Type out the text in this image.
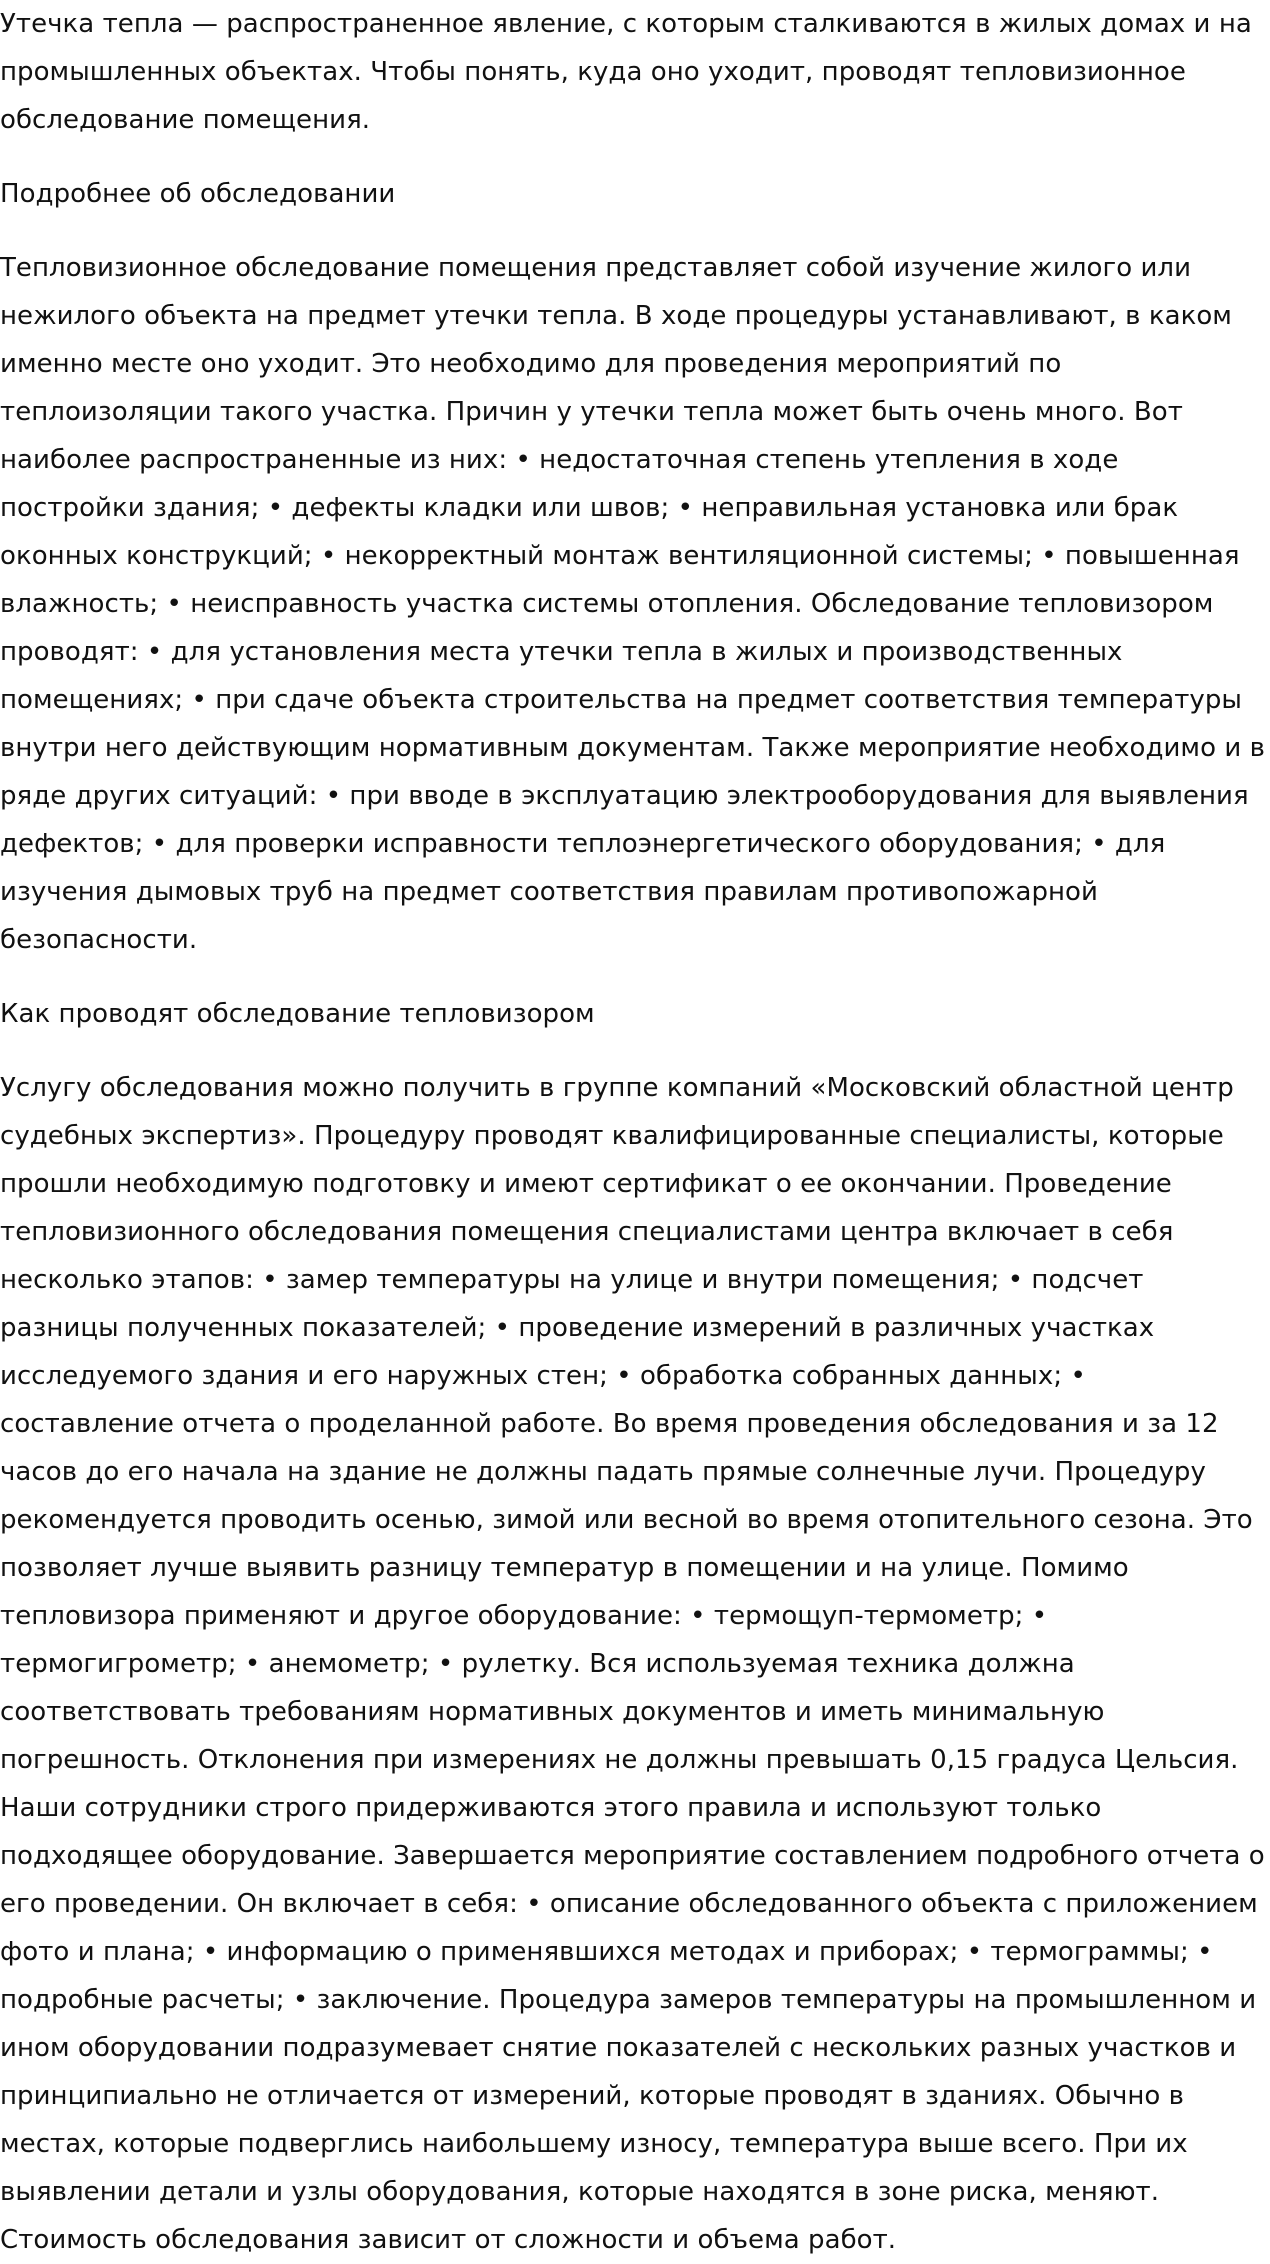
Утечка тепла — распространенное явление, с которым сталкиваются в жилых домах и на промышленных объектах. Чтобы понять, куда оно уходит, проводят тепловизионное обследование помещения.

Подробнее об обследовании

Тепловизионное обследование помещения представляет собой изучение жилого или нежилого объекта на предмет утечки тепла. В ходе процедуры устанавливают, в каком именно месте оно уходит. Это необходимо для проведения мероприятий по теплоизоляции такого участка. Причин у утечки тепла может быть очень много. Вот наиболее распространенные из них: • недостаточная степень утепления в ходе постройки здания; • дефекты кладки или швов; • неправильная установка или брак оконных конструкций; • некорректный монтаж вентиляционной системы; • повышенная влажность; • неисправность участка системы отопления. Обследование тепловизором проводят: • для установления места утечки тепла в жилых и производственных помещениях; • при сдаче объекта строительства на предмет соответствия температуры внутри него действующим нормативным документам. Также мероприятие необходимо и в ряде других ситуаций: • при вводе в эксплуатацию электрооборудования для выявления дефектов; • для проверки исправности теплоэнергетического оборудования; • для изучения дымовых труб на предмет соответствия правилам противопожарной безопасности.

Как проводят обследование тепловизором

Услугу обследования можно получить в группе компаний «Московский областной центр судебных экспертиз». Процедуру проводят квалифицированные специалисты, которые прошли необходимую подготовку и имеют сертификат о ее окончании. Проведение тепловизионного обследования помещения специалистами центра включает в себя несколько этапов: • замер температуры на улице и внутри помещения; • подсчет разницы полученных показателей; • проведение измерений в различных участках исследуемого здания и его наружных стен; • обработка собранных данных; • составление отчета о проделанной работе. Во время проведения обследования и за 12 часов до его начала на здание не должны падать прямые солнечные лучи. Процедуру рекомендуется проводить осенью, зимой или весной во время отопительного сезона. Это позволяет лучше выявить разницу температур в помещении и на улице. Помимо тепловизора применяют и другое оборудование: • термощуп-термометр; • термогигрометр; • анемометр; • рулетку. Вся используемая техника должна соответствовать требованиям нормативных документов и иметь минимальную погрешность. Отклонения при измерениях не должны превышать 0,15 градуса Цельсия. Наши сотрудники строго придерживаются этого правила и используют только подходящее оборудование. Завершается мероприятие составлением подробного отчета о его проведении. Он включает в себя: • описание обследованного объекта с приложением фото и плана; • информацию о применявшихся методах и приборах; • термограммы; • подробные расчеты; • заключение. Процедура замеров температуры на промышленном и ином оборудовании подразумевает снятие показателей с нескольких разных участков и принципиально не отличается от измерений, которые проводят в зданиях. Обычно в местах, которые подверглись наибольшему износу, температура выше всего. При их выявлении детали и узлы оборудования, которые находятся в зоне риска, меняют. Стоимость обследования зависит от сложности и объема работ.
